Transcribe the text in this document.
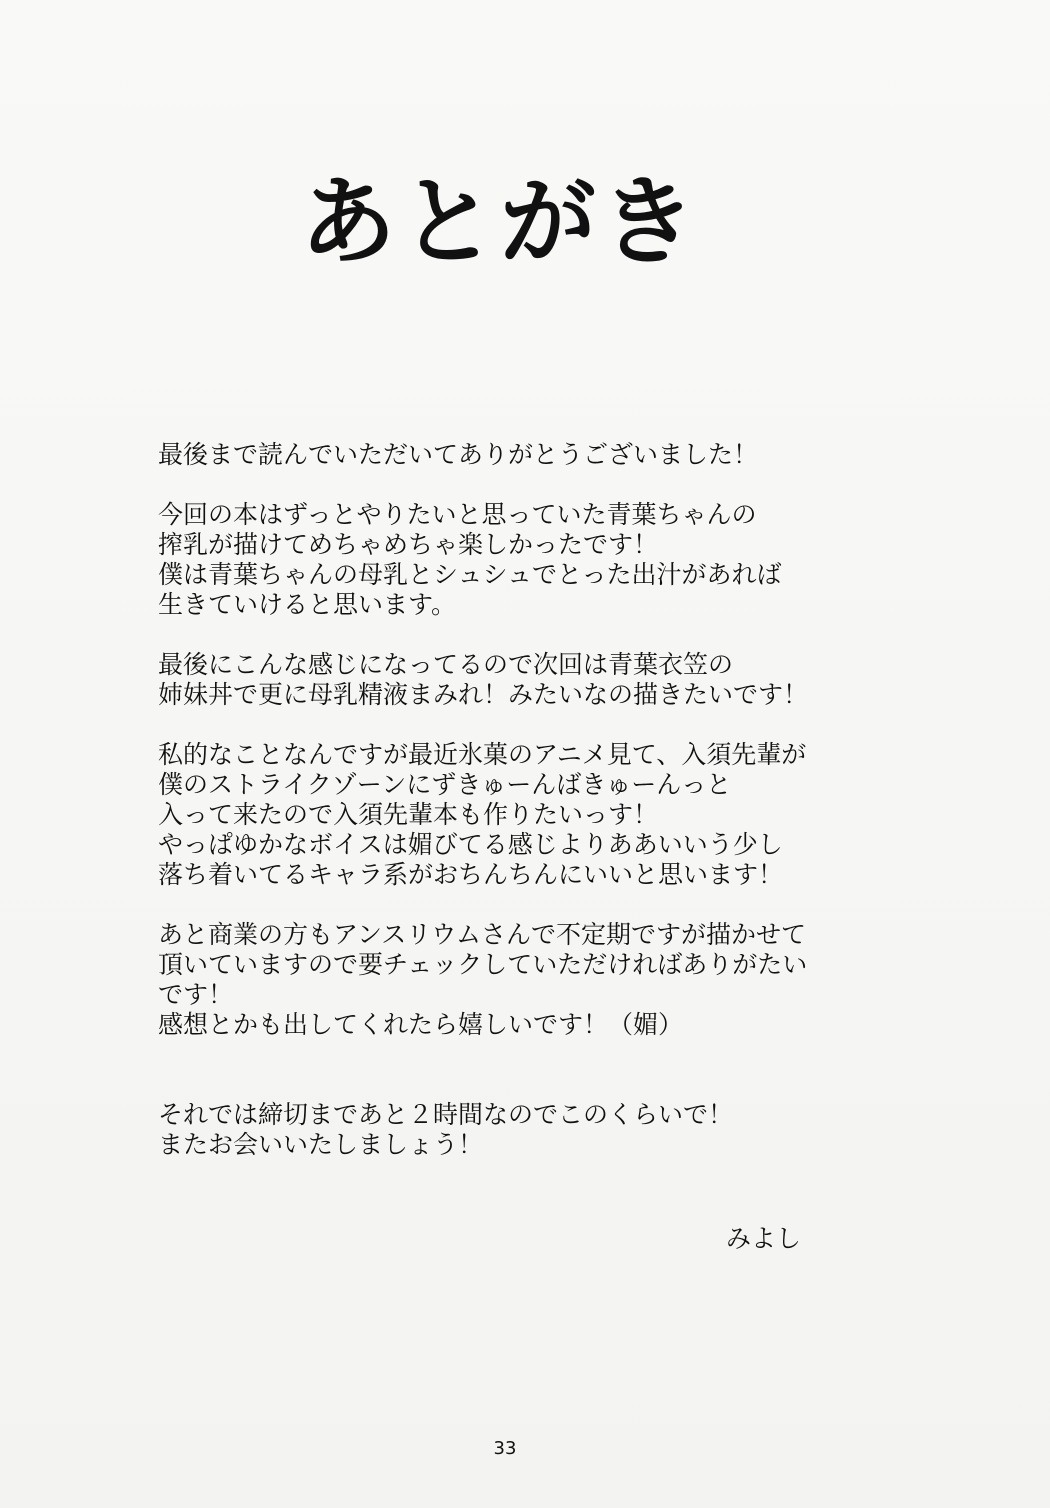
あとがき
最後まで読んでいただいてありがとうございました！
今回の本はずっとやりたいと思っていた青葉ちゃんの
搾乳が描けてめちゃめちゃ楽しかったです！
僕は青葉ちゃんの母乳とシュシュでとった出汁があれば
生きていけると思います。
最後にこんな感じになってるので次回は青葉衣笠の
姉妹丼で更に母乳精液まみれ！みたいなの描きたいです！
私的なことなんですが最近氷菓のアニメ見て、入須先輩が
僕のストライクゾーンにずきゅーんばきゅーんっと
入って来たので入須先輩本も作りたいっす！
やっぱゆかなボイスは媚びてる感じよりああいいう少し
落ち着いてるキャラ系がおちんちんにいいと思います！
あと商業の方もアンスリウムさんで不定期ですが描かせて
頂いていますので要チェックしていただければありがたい
です！
感想とかも出してくれたら嬉しいです！（媚）
それでは締切まであと２時間なのでこのくらいで！
またお会いいたしましょう！
みよし
33
